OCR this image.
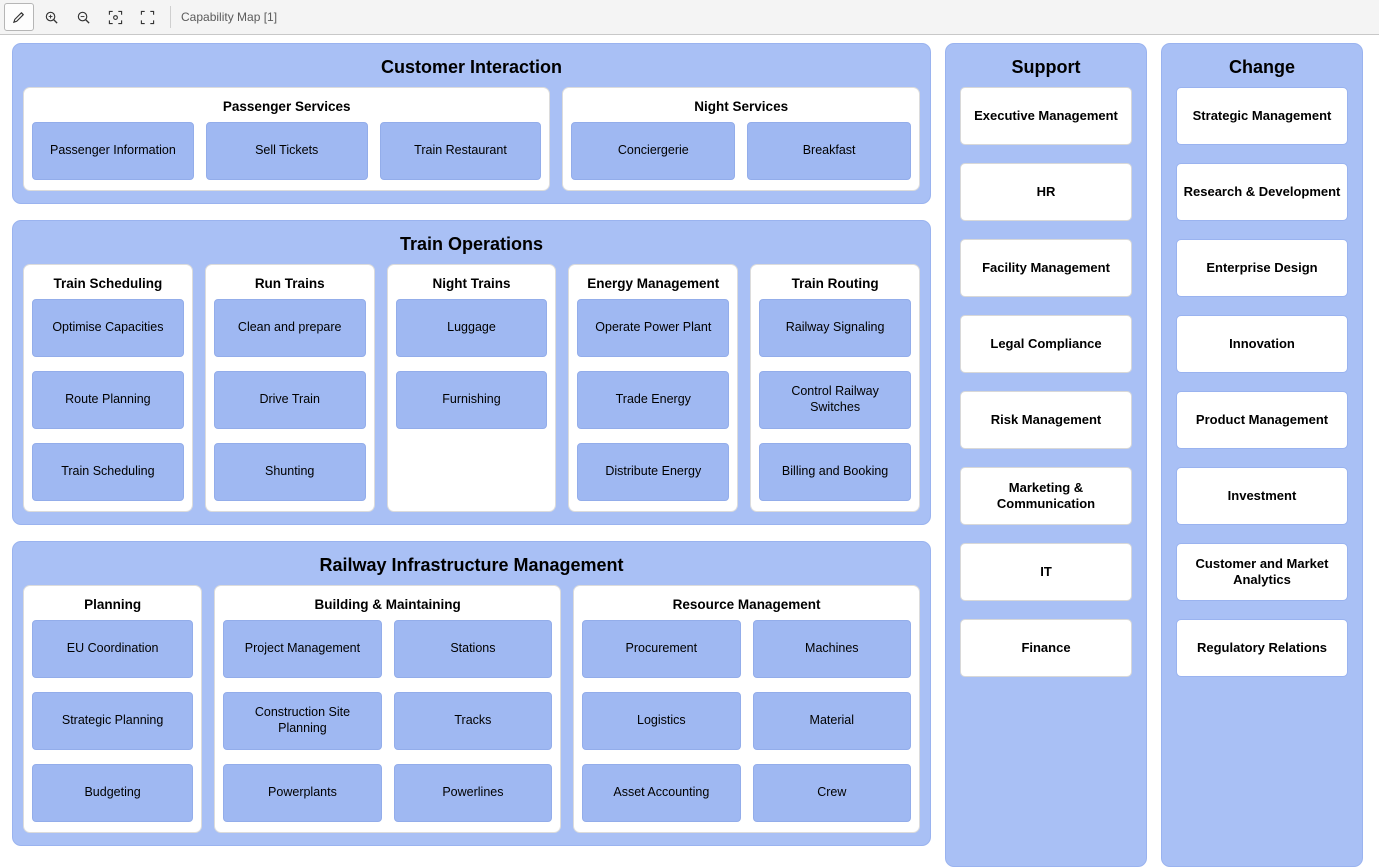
Capability Map [1]
Customer Interaction
Passenger Services
Passenger Information	Sell Tickets	Train Restaurant
Night Services
Conciergerie	Breakfast
Train Operations
Train Scheduling
Optimise Capacities
Route Planning
Train Scheduling
Run Trains
Clean and prepare
Drive Train
Shunting
Night Trains
Luggage
Furnishing
Energy Management
Operate Power Plant
Trade Energy
Distribute Energy
Train Routing
Railway Signaling
Control Railway Switches
Billing and Booking
Railway Infrastructure Management
Planning
EU Coordination
Strategic Planning
Budgeting
Building & Maintaining
Project Management
Construction Site Planning
Powerplants
Stations
Tracks
Powerlines
Resource Management
Procurement
Logistics
Asset Accounting
Machines
Material
Crew
Support
Executive Management
HR
Facility Management
Legal Compliance
Risk Management
Marketing & Communication
IT
Finance
Change
Strategic Management
Research & Development
Enterprise Design
Innovation
Product Management
Investment
Customer and Market Analytics
Regulatory Relations
